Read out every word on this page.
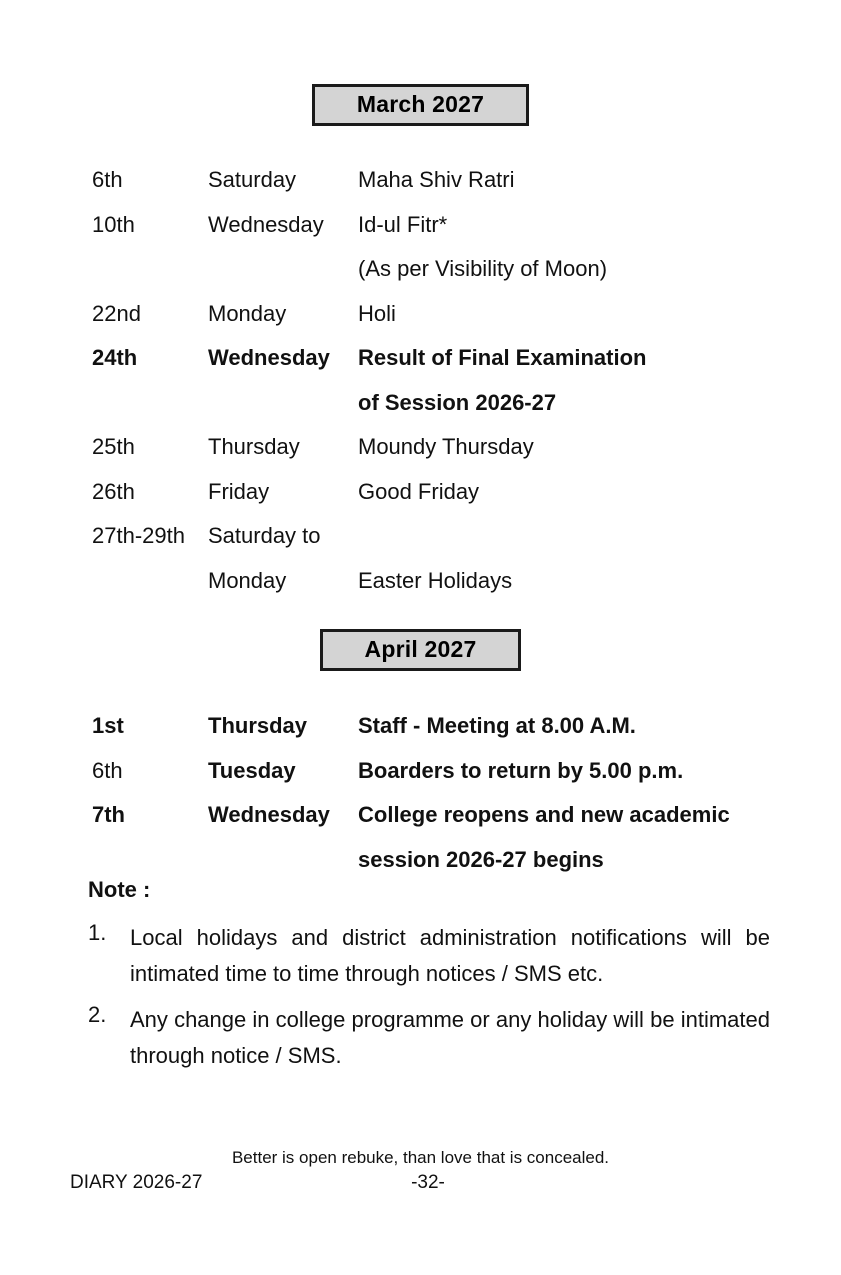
March 2027
6th	Saturday	Maha Shiv Ratri
10th	Wednesday Id-ul Fitr*
(As per Visibility of Moon)
22nd	Monday	Holi
24th	Wednesday Result of Final Examination
of Session 2026-27
25th	Thursday	Moundy Thursday
26th	Friday	Good Friday
27th-29th Saturday to
Monday	Easter Holidays
April 2027
1st	Thursday Staff - Meeting at 8.00 A.M.
6th	Tuesday	Boarders to return by 5.00 p.m.
7th	Wednesday College reopens and new academic
session 2026-27 begins
Note :
1.	Local holidays and district administration notifications will be intimated time to time through notices / SMS etc.
2.	Any change in college programme or any holiday will be intimated through notice / SMS.
Better is open rebuke, than love that is concealed.
DIARY 2026-27	-32-
